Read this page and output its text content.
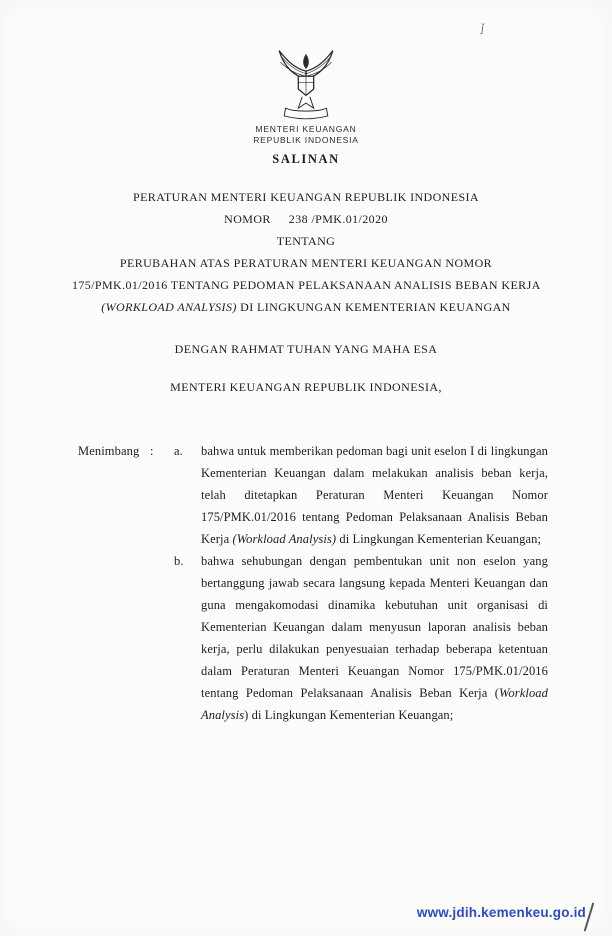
ǰ
MENTERI KEUANGAN
REPUBLIK INDONESIA
SALINAN
PERATURAN MENTERI KEUANGAN REPUBLIK INDONESIA
NOMOR 238 /PMK.01/2020
TENTANG
PERUBAHAN ATAS PERATURAN MENTERI KEUANGAN NOMOR 175/PMK.01/2016 TENTANG PEDOMAN PELAKSANAAN ANALISIS BEBAN KERJA (WORKLOAD ANALYSIS) DI LINGKUNGAN KEMENTERIAN KEUANGAN
DENGAN RAHMAT TUHAN YANG MAHA ESA
MENTERI KEUANGAN REPUBLIK INDONESIA,
Menimbang :	a.	bahwa untuk memberikan pedoman bagi unit eselon I di lingkungan Kementerian Keuangan dalam melakukan analisis beban kerja, telah ditetapkan Peraturan Menteri Keuangan Nomor 175/PMK.01/2016 tentang Pedoman Pelaksanaan Analisis Beban Kerja (Workload Analysis) di Lingkungan Kementerian Keuangan;
b.	bahwa sehubungan dengan pembentukan unit non eselon yang bertanggung jawab secara langsung kepada Menteri Keuangan dan guna mengakomodasi dinamika kebutuhan unit organisasi di Kementerian Keuangan dalam menyusun laporan analisis beban kerja, perlu dilakukan penyesuaian terhadap beberapa ketentuan dalam Peraturan Menteri Keuangan Nomor 175/PMK.01/2016 tentang Pedoman Pelaksanaan Analisis Beban Kerja (Workload Analysis) di Lingkungan Kementerian Keuangan;
www.jdih.kemenkeu.go.id
